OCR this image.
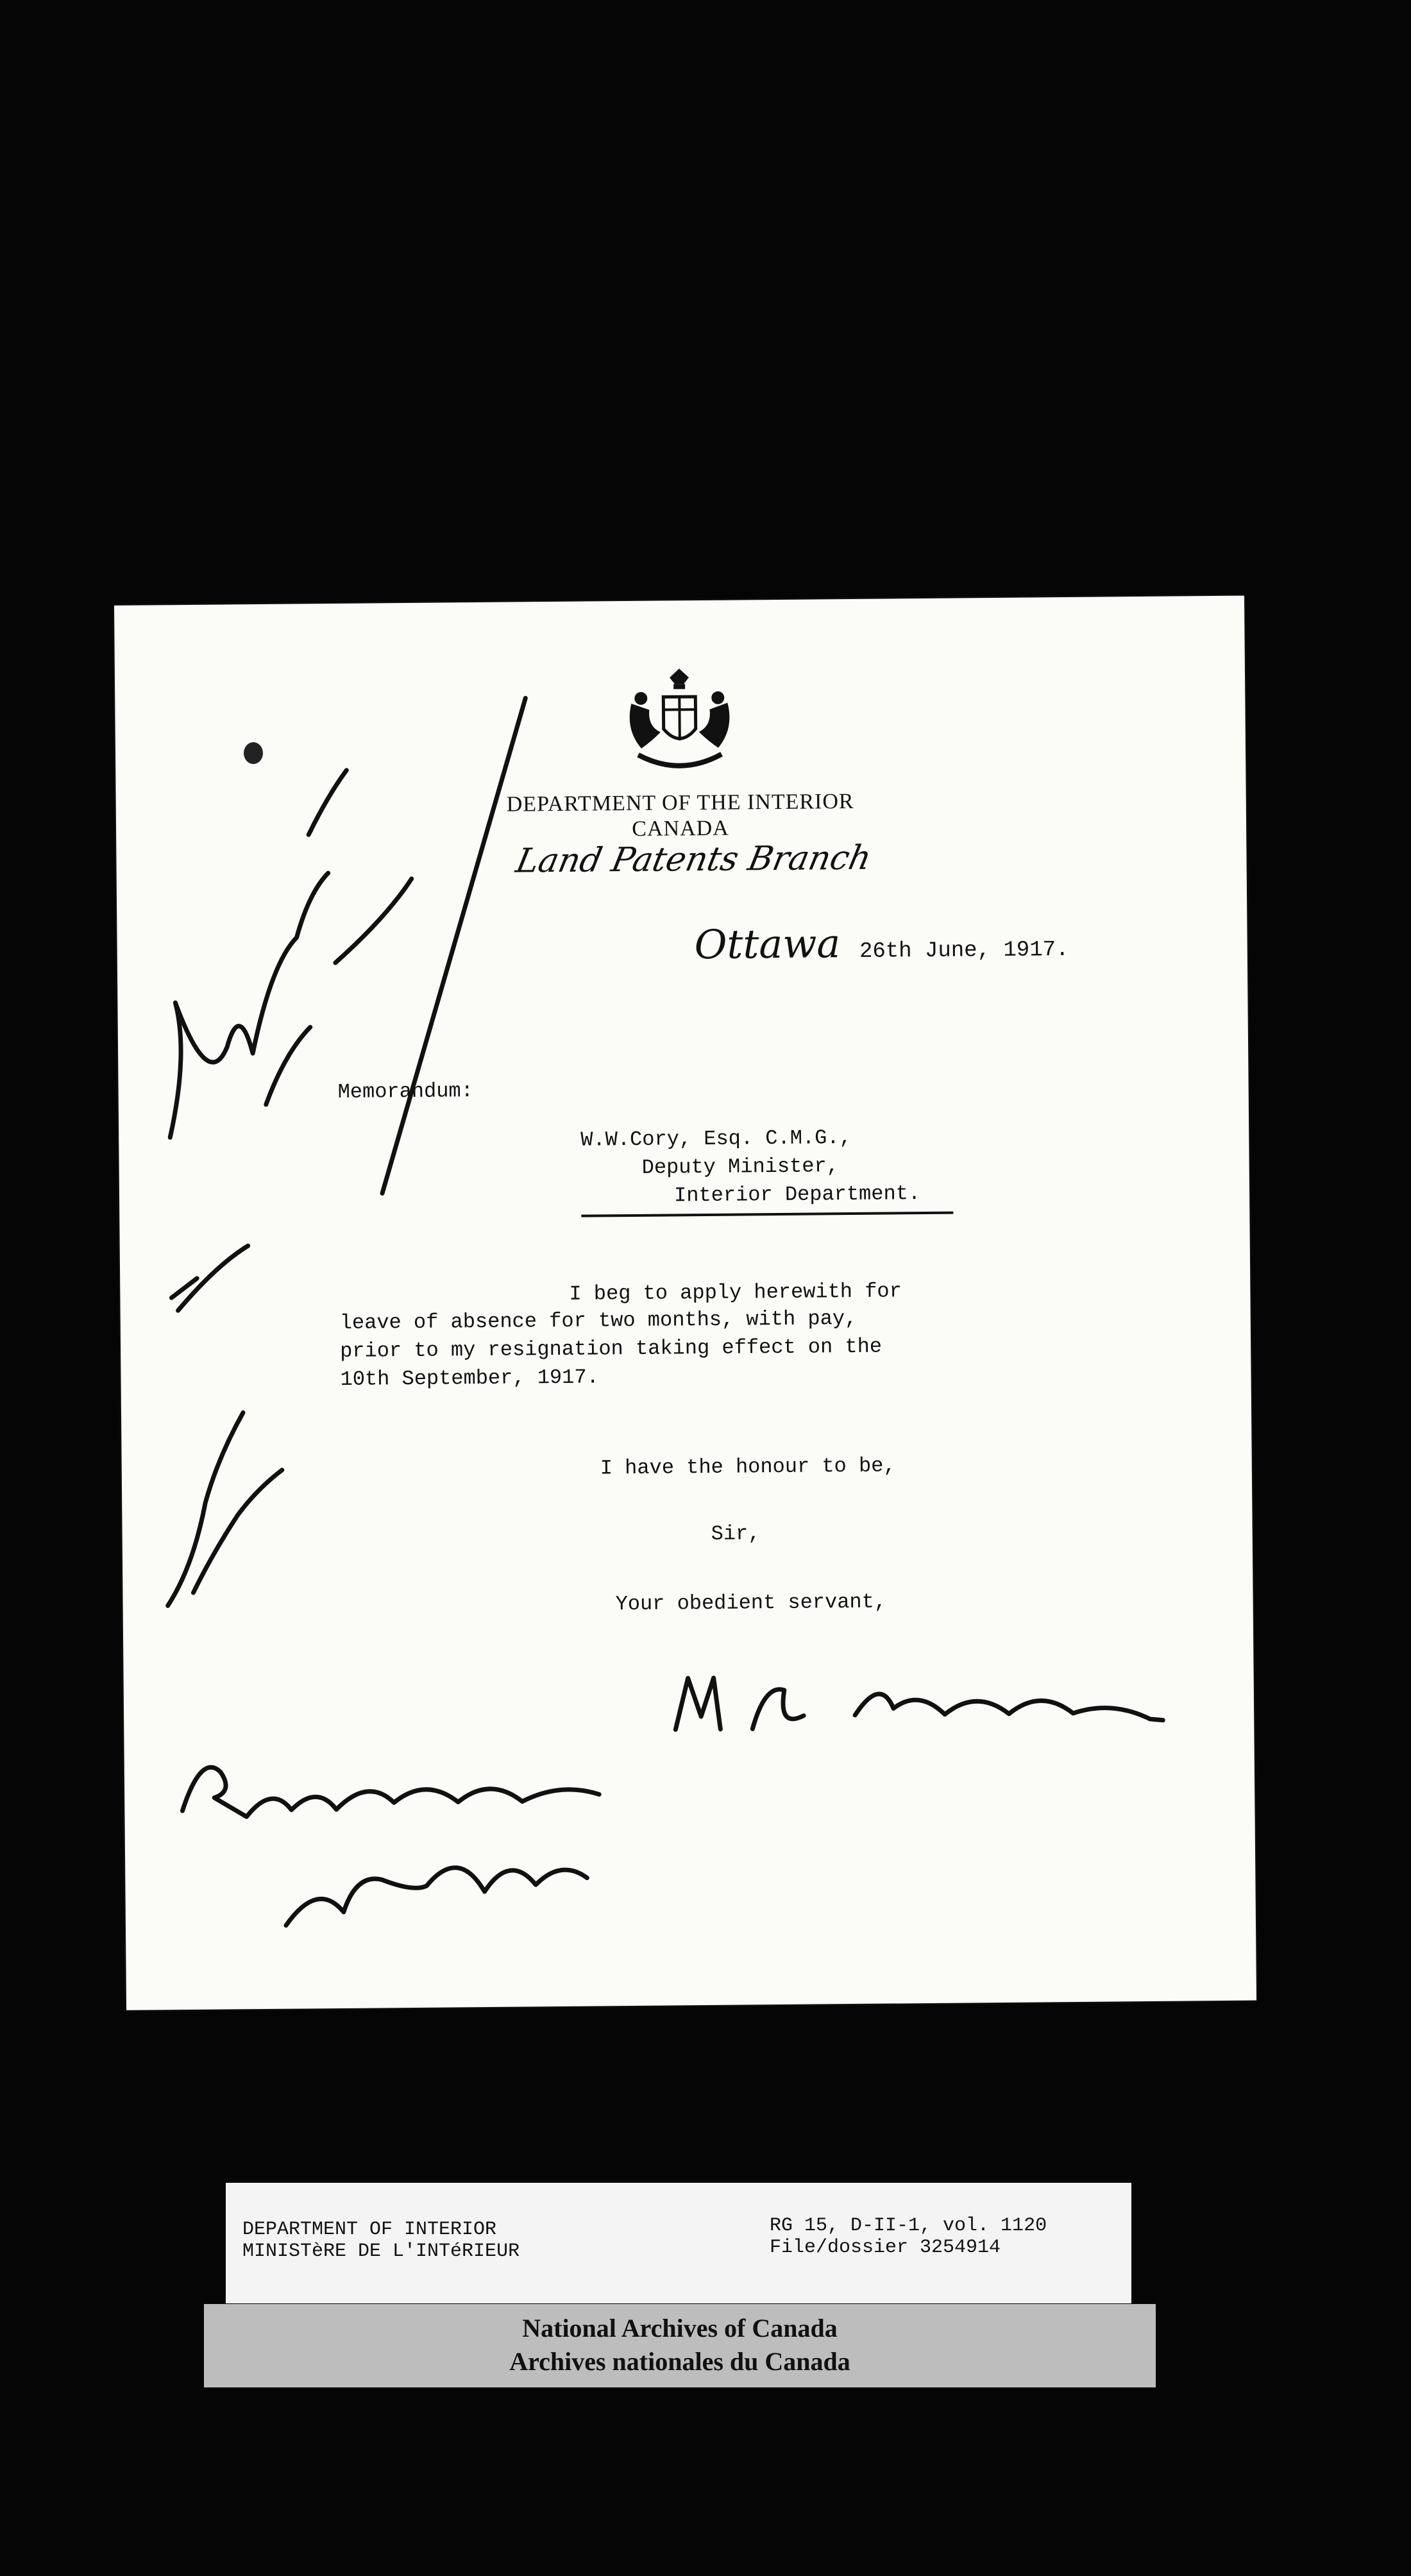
DEPARTMENT OF THE INTERIOR
CANADA
Land Patents Branch
Ottawa 26th June, 1917.
Memorandum:
W.W.Cory, Esq. C.M.G.,
Deputy Minister,
Interior Department.
I beg to apply herewith for
leave of absence for two months, with pay,
prior to my resignation taking effect on the
10th September, 1917.
I have the honour to be,
Sir,
Your obedient servant,
DEPARTMENT OF INTERIOR
MINISTèRE DE L'INTéRIEUR
RG 15, D-II-1, vol. 1120
File/dossier 3254914
National Archives of Canada
Archives nationales du Canada
